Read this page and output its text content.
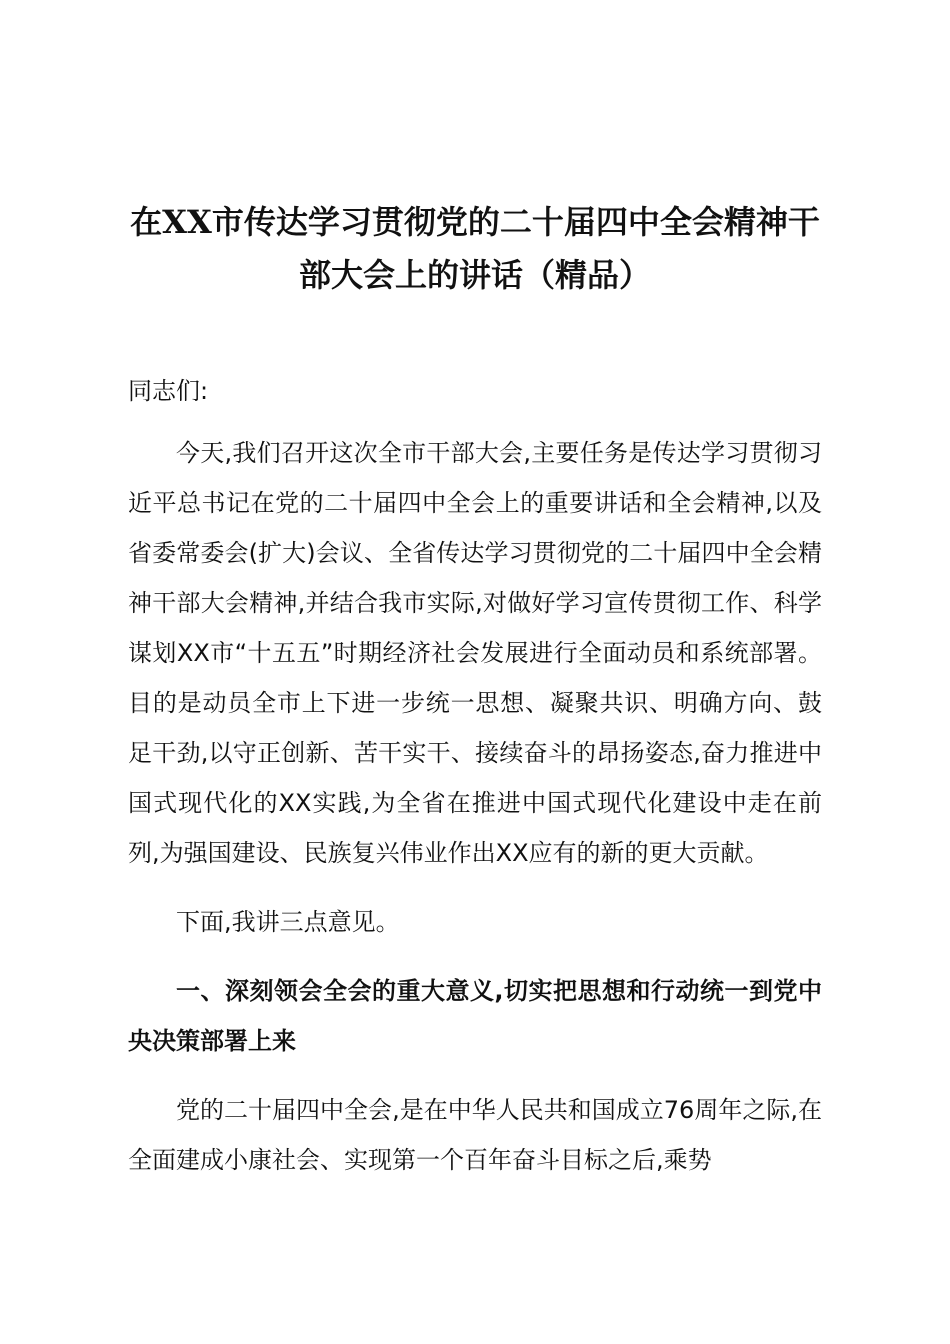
在XX市传达学习贯彻党的二十届四中全会精神干部大会上的讲话（精品）

同志们:

今天,我们召开这次全市干部大会,主要任务是传达学习贯彻习近平总书记在党的二十届四中全会上的重要讲话和全会精神,以及省委常委会(扩大)会议、全省传达学习贯彻党的二十届四中全会精神干部大会精神,并结合我市实际,对做好学习宣传贯彻工作、科学谋划XX市“十五五”时期经济社会发展进行全面动员和系统部署。目的是动员全市上下进一步统一思想、凝聚共识、明确方向、鼓足干劲,以守正创新、苦干实干、接续奋斗的昂扬姿态,奋力推进中国式现代化的XX实践,为全省在推进中国式现代化建设中走在前列,为强国建设、民族复兴伟业作出XX应有的新的更大贡献。

下面,我讲三点意见。

一、深刻领会全会的重大意义,切实把思想和行动统一到党中央决策部署上来

党的二十届四中全会,是在中华人民共和国成立76周年之际,在全面建成小康社会、实现第一个百年奋斗目标之后,乘势
